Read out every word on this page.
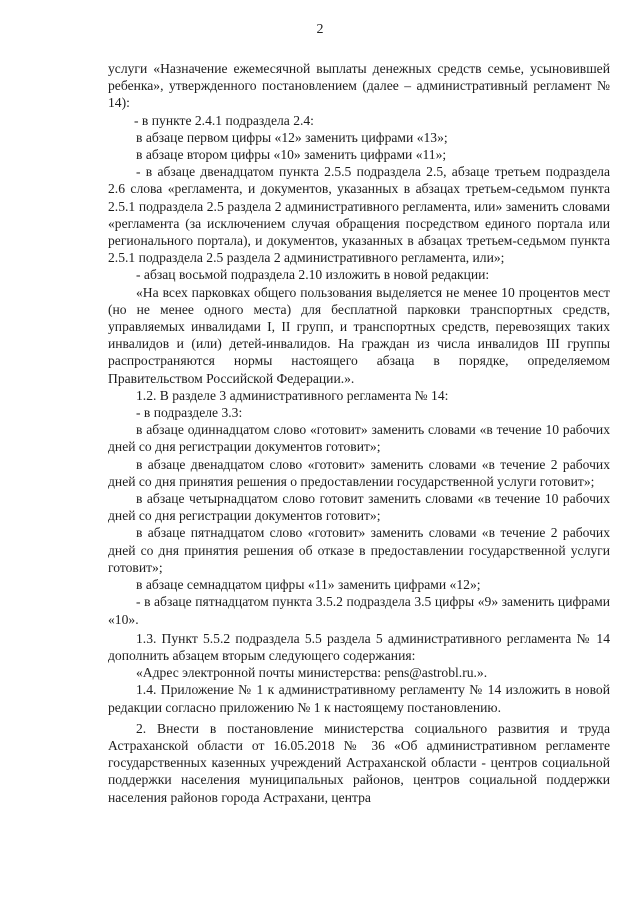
2

услуги «Назначение ежемесячной выплаты денежных средств семье, усыновившей ребенка», утвержденного постановлением (далее – административный регламент № 14):

- в пункте 2.4.1 подраздела 2.4:

в абзаце первом цифры «12» заменить цифрами «13»;

в абзаце втором цифры «10» заменить цифрами «11»;

- в абзаце двенадцатом пункта 2.5.5 подраздела 2.5, абзаце третьем подраздела 2.6 слова «регламента, и документов, указанных в абзацах третьем-седьмом пункта 2.5.1 подраздела 2.5 раздела 2 административного регламента, или» заменить словами «регламента (за исключением случая обращения посредством единого портала или регионального портала), и документов, указанных в абзацах третьем-седьмом пункта 2.5.1 подраздела 2.5 раздела 2 административного регламента, или»;

- абзац восьмой подраздела 2.10 изложить в новой редакции:

«На всех парковках общего пользования выделяется не менее 10 процентов мест (но не менее одного места) для бесплатной парковки транспортных средств, управляемых инвалидами I, II групп, и транспортных средств, перевозящих таких инвалидов и (или) детей-инвалидов. На граждан из числа инвалидов III группы распространяются нормы настоящего абзаца в порядке, определяемом Правительством Российской Федерации.».

1.2. В разделе 3 административного регламента № 14:

- в подразделе 3.3:

в абзаце одиннадцатом слово «готовит» заменить словами «в течение 10 рабочих дней со дня регистрации документов готовит»;

в абзаце двенадцатом слово «готовит» заменить словами «в течение 2 рабочих дней со дня принятия решения о предоставлении государственной услуги готовит»;

в абзаце четырнадцатом слово готовит заменить словами «в течение 10 рабочих дней со дня регистрации документов готовит»;

в абзаце пятнадцатом слово «готовит» заменить словами «в течение 2 рабочих дней со дня принятия решения об отказе в предоставлении государственной услуги готовит»;

в абзаце семнадцатом цифры «11» заменить цифрами «12»;

- в абзаце пятнадцатом пункта 3.5.2 подраздела 3.5 цифры «9» заменить цифрами «10».

1.3. Пункт 5.5.2 подраздела 5.5 раздела 5 административного регламента № 14 дополнить абзацем вторым следующего содержания:

«Адрес электронной почты министерства: pens@astrobl.ru.».

1.4. Приложение № 1 к административному регламенту № 14 изложить в новой редакции согласно приложению № 1 к настоящему постановлению.

2. Внести в постановление министерства социального развития и труда Астраханской области от 16.05.2018 № 36 «Об административном регламенте государственных казенных учреждений Астраханской области - центров социальной поддержки населения муниципальных районов, центров социальной поддержки населения районов города Астрахани, центра
